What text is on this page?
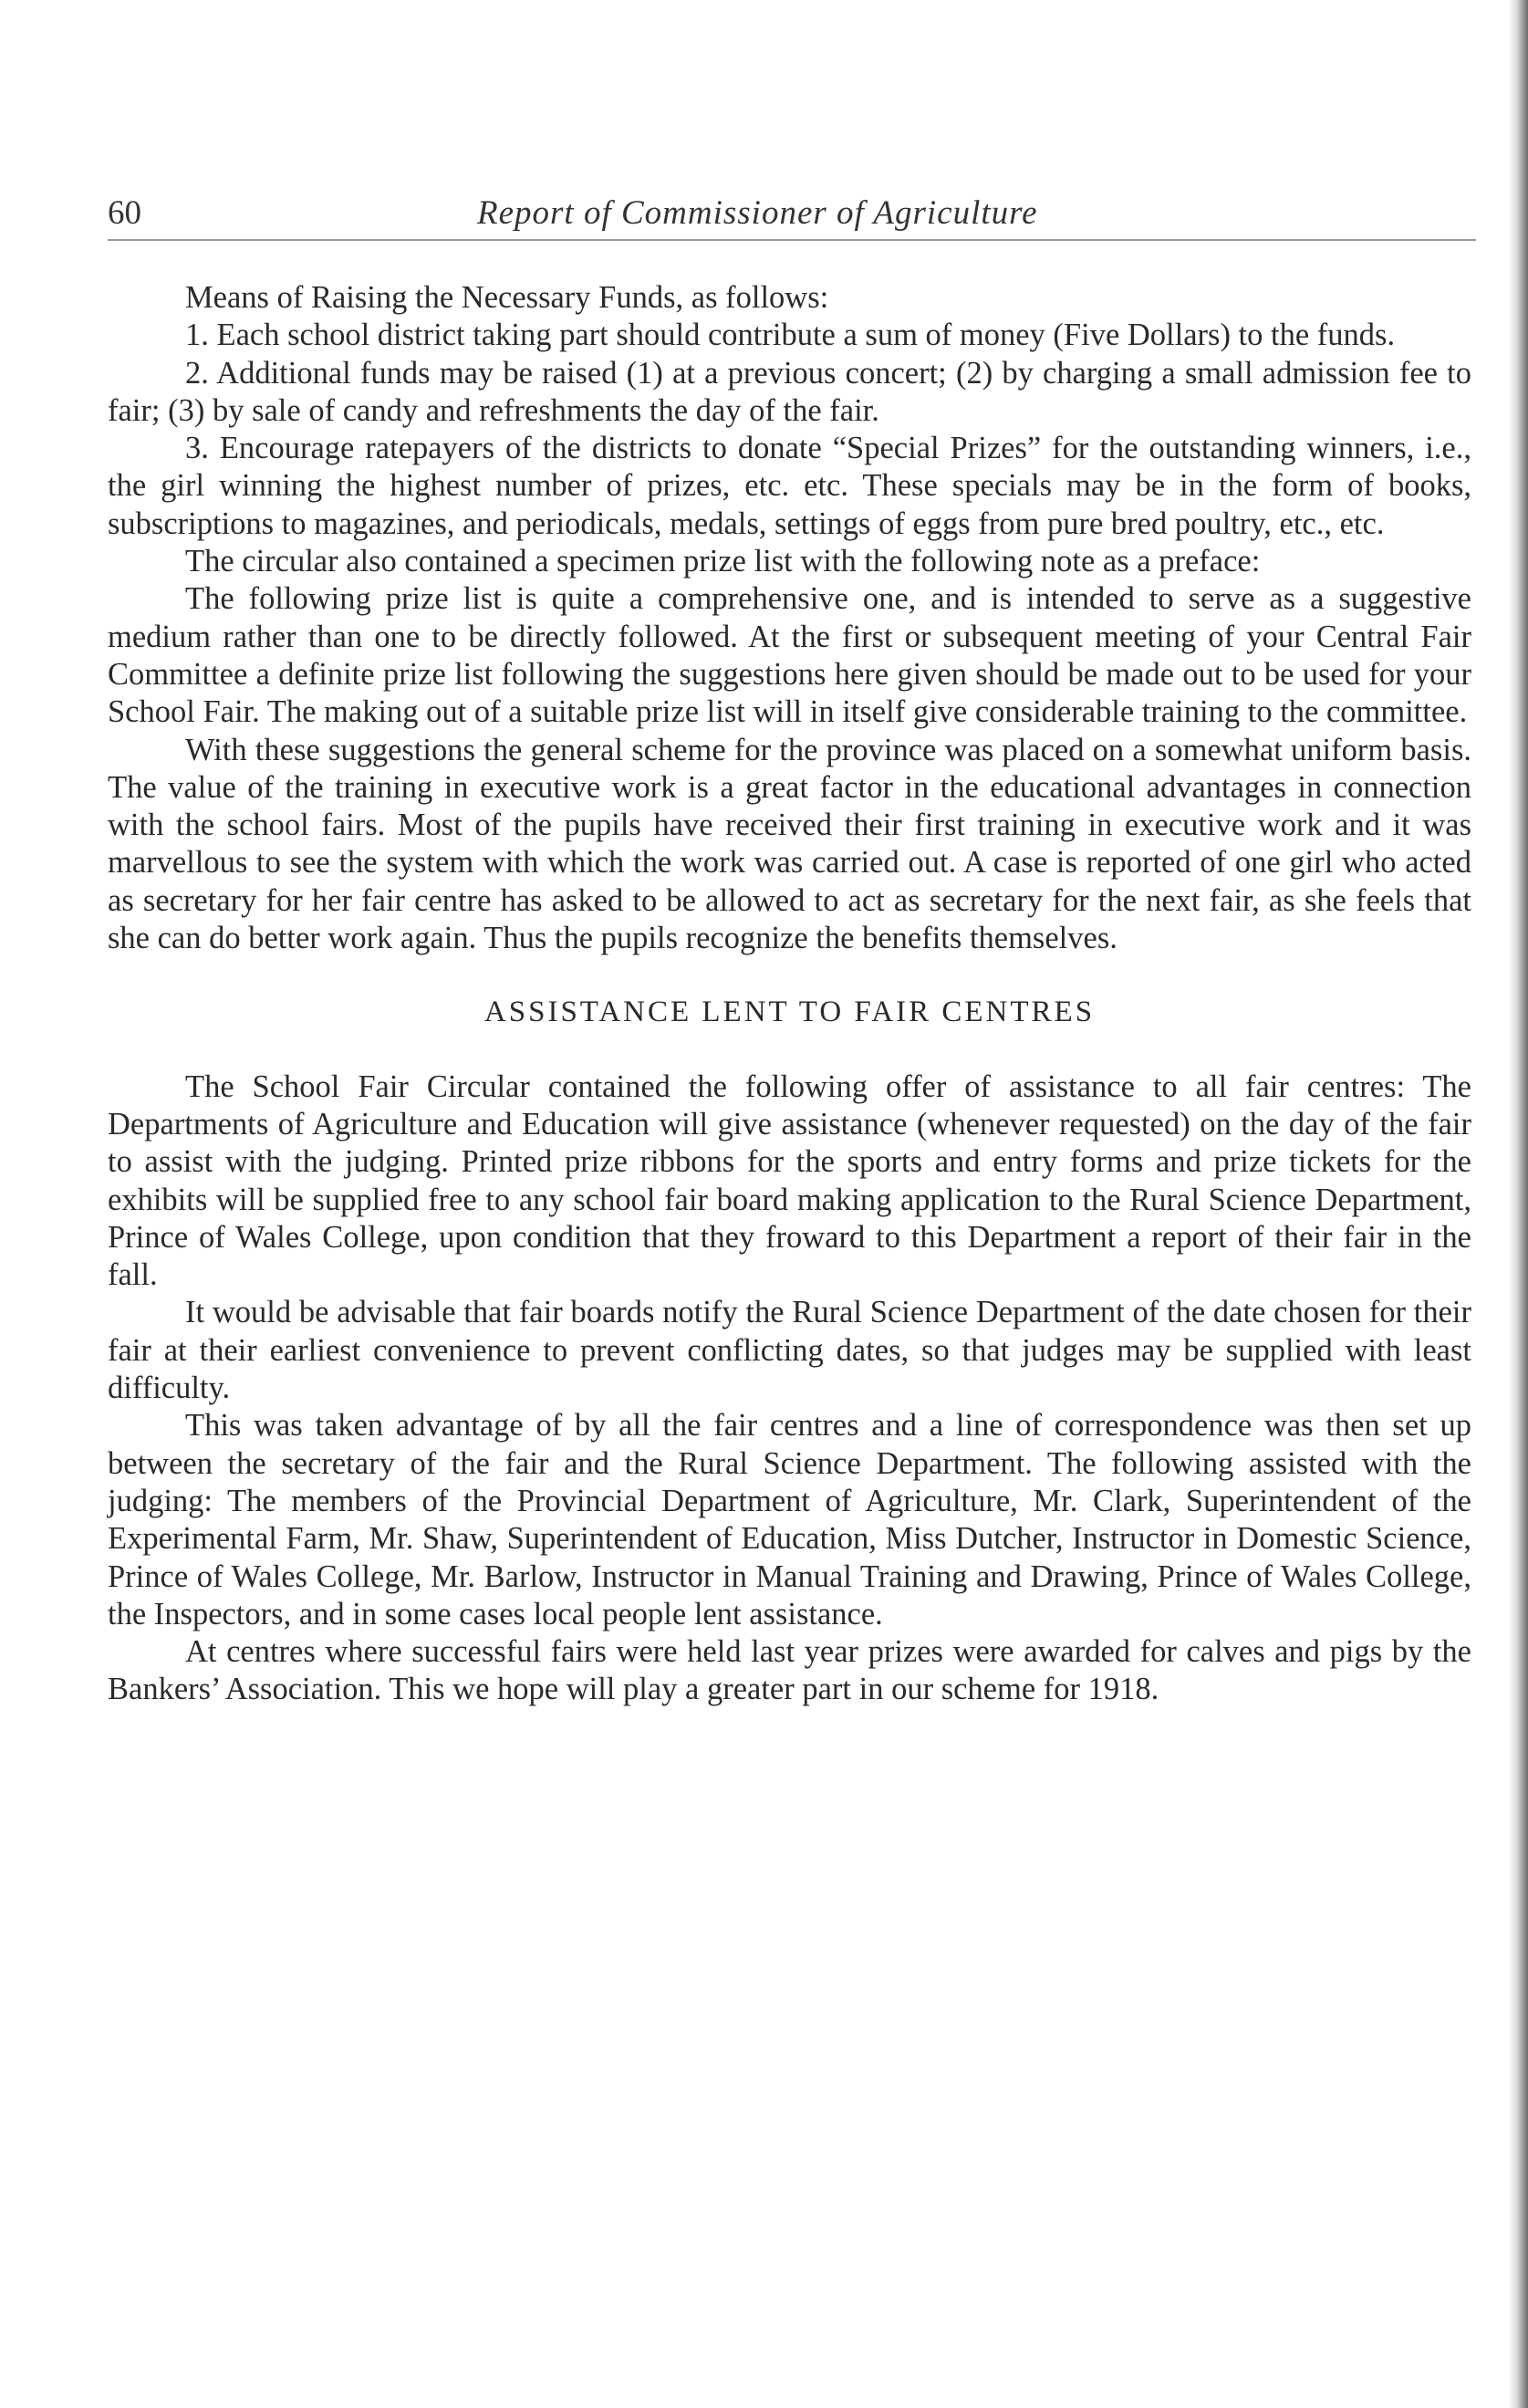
60	Report of Commissioner of Agriculture

Means of Raising the Necessary Funds, as follows:

1. Each school district taking part should contribute a sum of money (Five Dollars) to the funds.

2. Additional funds may be raised (1) at a previous concert; (2) by charging a small admission fee to fair; (3) by sale of candy and refreshments the day of the fair.

3. Encourage ratepayers of the districts to donate “Special Prizes” for the outstanding winners, i.e., the girl winning the highest number of prizes, etc. etc. These specials may be in the form of books, subscriptions to magazines, and periodicals, medals, settings of eggs from pure bred poultry, etc., etc.

The circular also contained a specimen prize list with the following note as a preface:

The following prize list is quite a comprehensive one, and is intended to serve as a suggestive medium rather than one to be directly followed. At the first or subsequent meeting of your Central Fair Committee a definite prize list following the suggestions here given should be made out to be used for your School Fair. The making out of a suitable prize list will in itself give considerable training to the committee.

With these suggestions the general scheme for the province was placed on a somewhat uniform basis. The value of the training in executive work is a great factor in the educational advantages in connection with the school fairs. Most of the pupils have received their first training in executive work and it was marvellous to see the system with which the work was carried out. A case is reported of one girl who acted as secretary for her fair centre has asked to be allowed to act as secretary for the next fair, as she feels that she can do better work again. Thus the pupils recognize the benefits themselves.

ASSISTANCE LENT TO FAIR CENTRES

The School Fair Circular contained the following offer of assistance to all fair centres: The Departments of Agriculture and Education will give assistance (whenever requested) on the day of the fair to assist with the judging. Printed prize ribbons for the sports and entry forms and prize tickets for the exhibits will be supplied free to any school fair board making application to the Rural Science Department, Prince of Wales College, upon condition that they froward to this Department a report of their fair in the fall.

It would be advisable that fair boards notify the Rural Science Department of the date chosen for their fair at their earliest convenience to prevent conflicting dates, so that judges may be supplied with least difficulty.

This was taken advantage of by all the fair centres and a line of correspondence was then set up between the secretary of the fair and the Rural Science Department. The following assisted with the judging: The members of the Provincial Department of Agriculture, Mr. Clark, Superintendent of the Experimental Farm, Mr. Shaw, Superintendent of Education, Miss Dutcher, Instructor in Domestic Science, Prince of Wales College, Mr. Barlow, Instructor in Manual Training and Drawing, Prince of Wales College, the Inspectors, and in some cases local people lent assistance.

At centres where successful fairs were held last year prizes were awarded for calves and pigs by the Bankers’ Association. This we hope will play a greater part in our scheme for 1918.
